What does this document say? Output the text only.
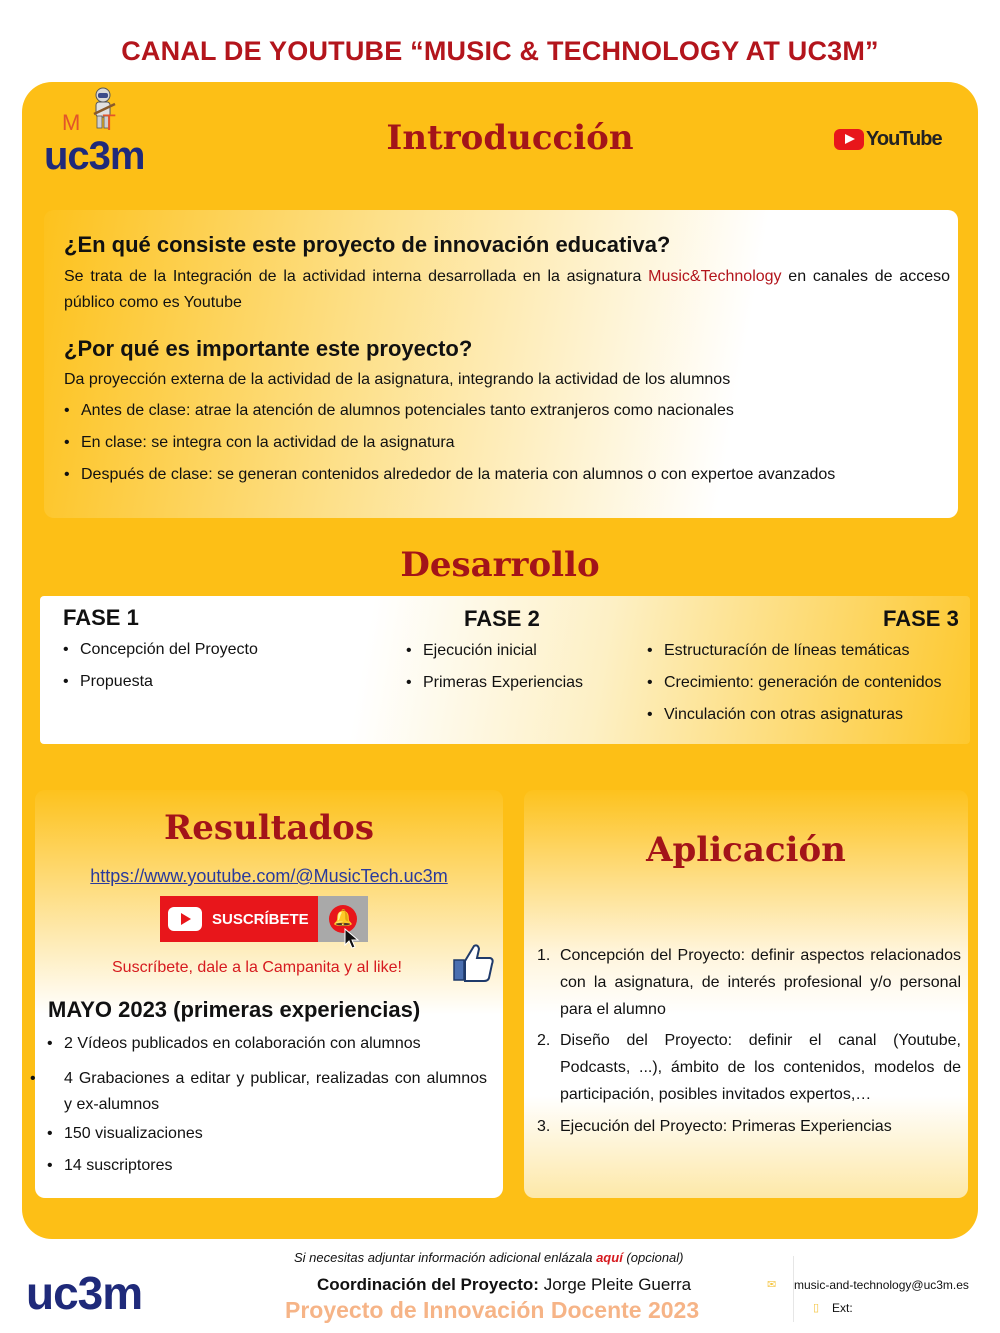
CANAL DE YOUTUBE “MUSIC & TECHNOLOGY AT UC3M”
MT
uc3m	Introducción	YouTube
¿En qué consiste este proyecto de innovación educativa?
Se trata de la Integración de la actividad interna desarrollada en la asignatura Music&Technology en canales de acceso público como es Youtube
¿Por qué es importante este proyecto?
Da proyección externa de la actividad de la asignatura, integrando la actividad de los alumnos
• Antes de clase: atrae la atención de alumnos potenciales tanto extranjeros como nacionales
• En clase: se integra con la actividad de la asignatura
• Después de clase: se generan contenidos alrededor de la materia con alumnos o con expertoe avanzados
Desarrollo
FASE 1
• Concepción del Proyecto
• Propuesta
FASE 2
• Ejecución inicial
• Primeras Experiencias
FASE 3
• Estructuracíón de líneas temáticas
• Crecimiento: generación de contenidos
• Vinculación con otras asignaturas
• 2 Vídeos publicados en colaboración con alumnos
• 4 Grabaciones a editar y publicar, realizadas con alumnos y ex-alumnos
• 150 visualizaciones
• 14 suscriptores
Resultados
https://www.youtube.com/@MusicTech.uc3m
SUSCRÍBETE 🔔
Suscríbete, dale a la Campanita y al like!
MAYO 2023 (primeras experiencias)
Aplicación
1. Concepción del Proyecto: definir aspectos relacionados con la asignatura, de interés profesional y/o personal para el alumno
2. Diseño del Proyecto: definir el canal (Youtube, Podcasts, ...), ámbito de los contenidos, modelos de participación, posibles invitados expertos,…
3. Ejecución del Proyecto: Primeras Experiencias
uc3m
Si necesitas adjuntar información adicional enlázala aquí (opcional)
Coordinación del Proyecto: Jorge Pleite Guerra
Proyecto de Innovación Docente 2023
✉ music-and-technology@uc3m.es
▯ Ext:
